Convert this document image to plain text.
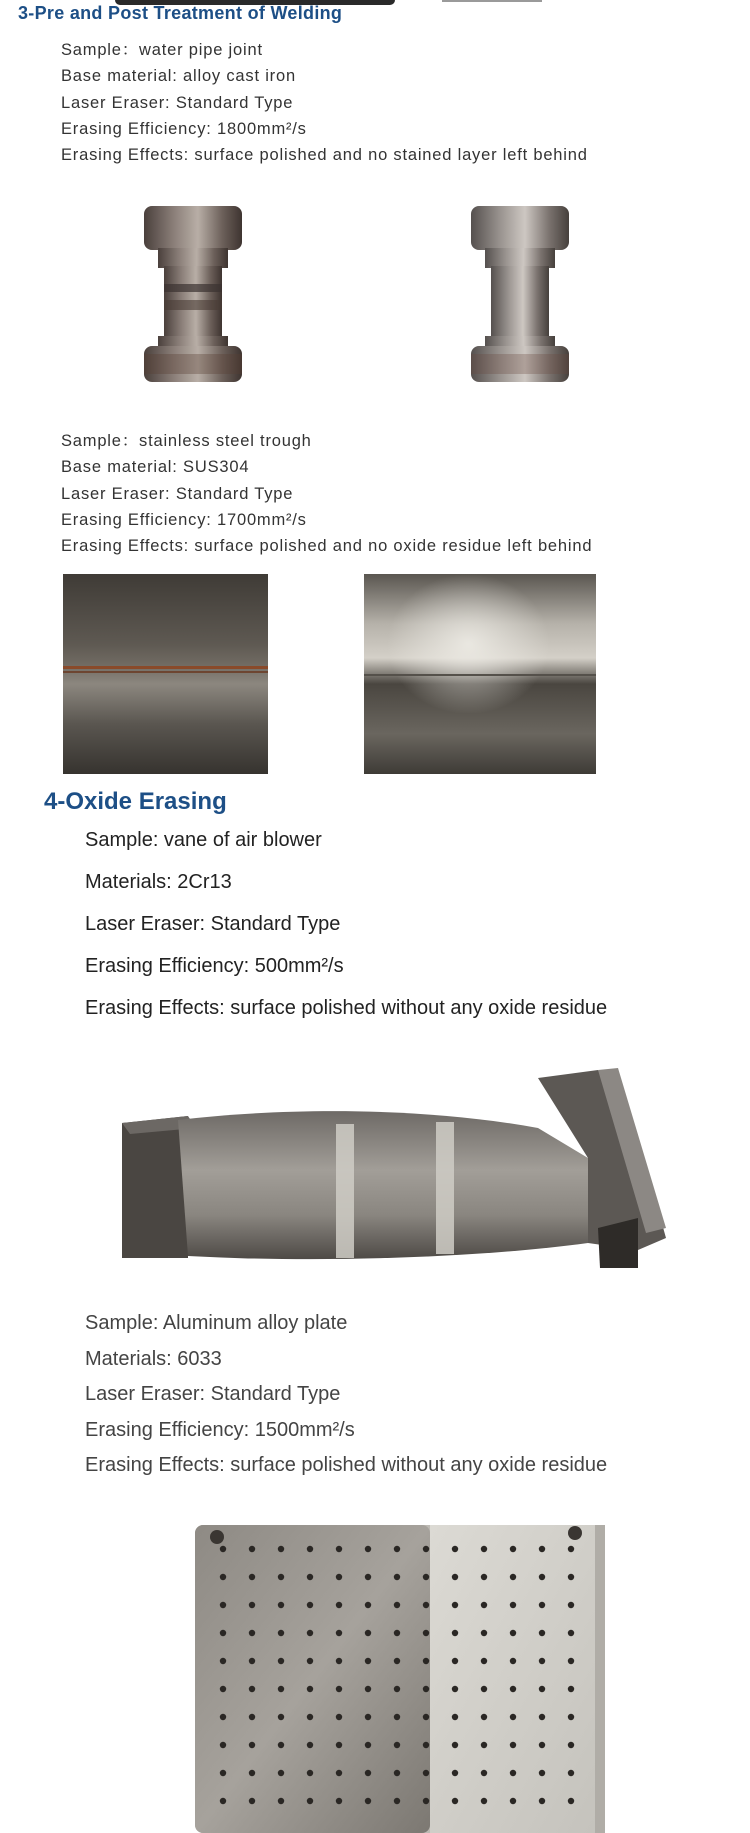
3-Pre and Post Treatment of Welding
Sample：water pipe joint
Base material: alloy cast iron
Laser Eraser: Standard Type
Erasing Efficiency: 1800mm²/s
Erasing Effects: surface polished and no stained layer left behind
Sample：stainless steel trough
Base material: SUS304
Laser Eraser: Standard Type
Erasing Efficiency: 1700mm²/s
Erasing Effects: surface polished and no oxide residue left behind
4-Oxide Erasing
Sample: vane of air blower
Materials: 2Cr13
Laser Eraser: Standard Type
Erasing Efficiency: 500mm²/s
Erasing Effects: surface polished without any oxide residue
Sample: Aluminum alloy plate
Materials: 6033
Laser Eraser: Standard Type
Erasing Efficiency: 1500mm²/s
Erasing Effects: surface polished without any oxide residue
